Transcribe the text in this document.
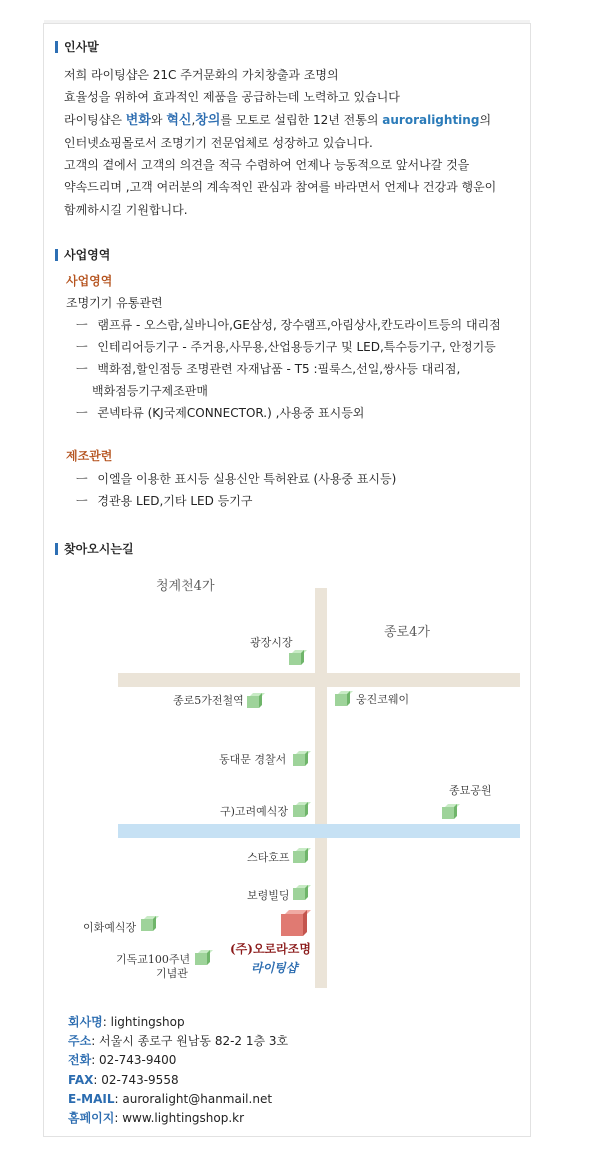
인사말
저희 라이팅샵은 21C 주거문화의 가치창출과 조명의
효율성을 위하여 효과적인 제품을 공급하는데 노력하고 있습니다
라이팅샵은 변화와 혁신,창의를 모토로 설립한 12년 전통의 auroralighting의
인터넷쇼핑몰로서 조명기기 전문업체로 성장하고 있습니다.
고객의 곁에서 고객의 의견을 적극 수렴하여 언제나 능동적으로 앞서나갈 것을
약속드리며 ,고객 여러분의 계속적인 관심과 참여를 바라면서 언제나 건강과 행운이
함께하시길 기원합니다.
사업영역
사업영역
조명기기 유통관련
ㅡ 램프류 - 오스람,실바니아,GE삼성, 장수램프,아림상사,칸도라이트등의 대리점
ㅡ 인테리어등기구 - 주거용,사무용,산업용등기구 및 LED,특수등기구, 안정기등
ㅡ 백화점,할인점등 조명관련 자재납품 - T5 :필룩스,선일,쌍사등 대리점,
백화점등기구제조판매
ㅡ 콘넥타류 (KJ국제CONNECTOR.) ,사용중 표시등외
제조관련
ㅡ 이엘을 이용한 표시등 실용신안 특허완료 (사용중 표시등)
ㅡ 경관용 LED,기타 LED 등기구
찾아오시는길
청계천4가
종로4가
광장시장
종로5가전철역	웅진코웨이
동대문 경찰서
종묘공원
구)고려예식장
스타호프
보령빌딩
이화예식장
기독교100주년
기념관
(주)오로라조명
라이팅샵
회사명: lightingshop
주소: 서울시 종로구 원남동 82-2 1층 3호
전화: 02-743-9400
FAX: 02-743-9558
E-MAIL: auroralight@hanmail.net
홈페이지: www.lightingshop.kr
